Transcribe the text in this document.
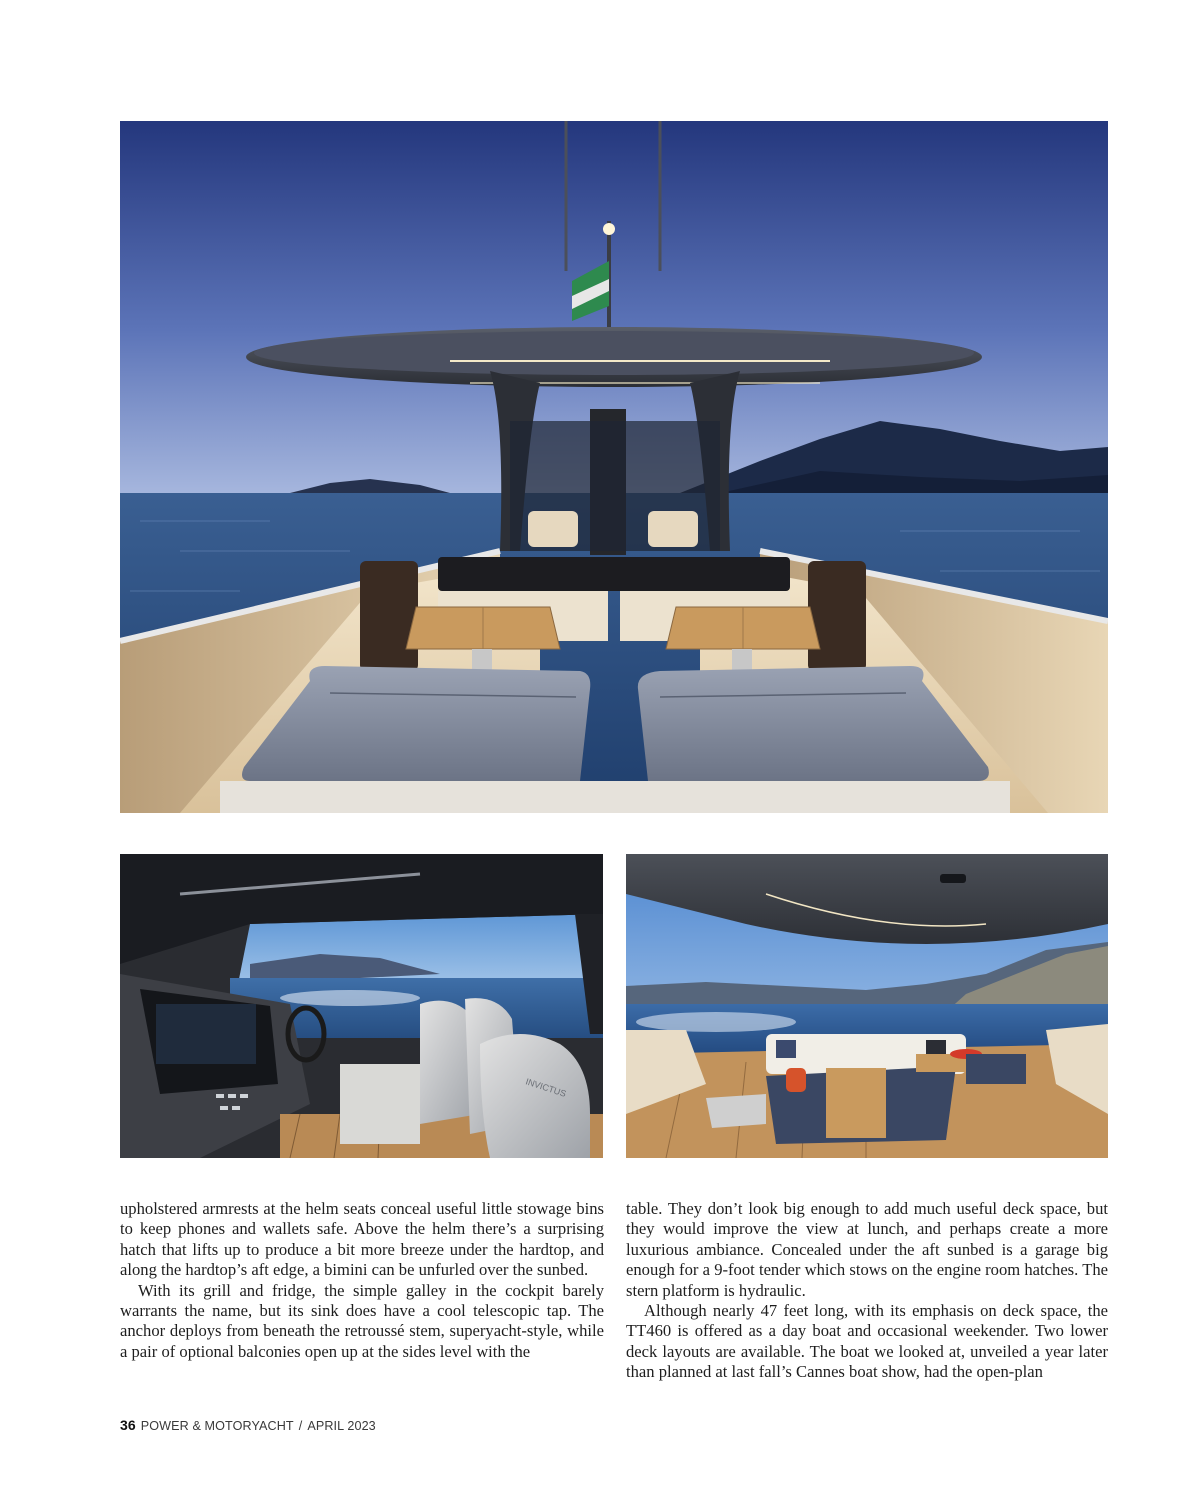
INVICTUS

upholstered armrests at the helm seats conceal useful little stowage bins to keep phones and wallets safe. Above the helm there’s a surprising hatch that lifts up to produce a bit more breeze under the hardtop, and along the hardtop’s aft edge, a bimini can be unfurled over the sunbed.

With its grill and fridge, the simple galley in the cockpit barely warrants the name, but its sink does have a cool telescopic tap. The anchor deploys from beneath the retroussé stem, superyacht-style, while a pair of optional balconies open up at the sides level with the

table. They don’t look big enough to add much useful deck space, but they would improve the view at lunch, and perhaps create a more luxurious ambiance. Concealed under the aft sunbed is a garage big enough for a 9-foot tender which stows on the engine room hatches. The stern platform is hydraulic.

Although nearly 47 feet long, with its emphasis on deck space, the TT460 is offered as a day boat and occasional weekender. Two lower deck layouts are available. The boat we looked at, unveiled a year later than planned at last fall’s Cannes boat show, had the open-plan

36 POWER & MOTORYACHT / APRIL 2023
